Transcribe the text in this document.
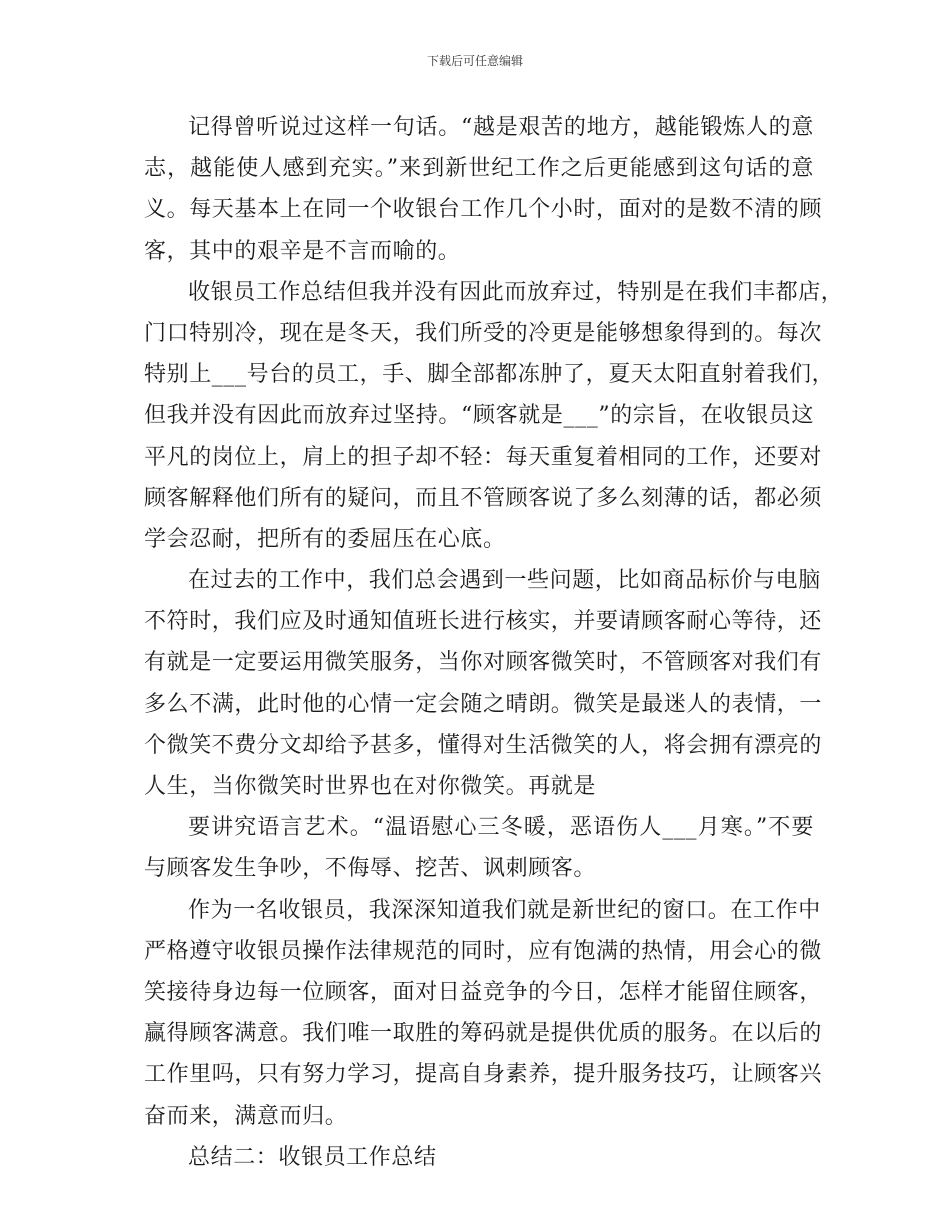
下载后可任意编辑
记得曾听说过这样一句话。“越是艰苦的地方，越能锻炼人的意
志，越能使人感到充实。”来到新世纪工作之后更能感到这句话的意
义。每天基本上在同一个收银台工作几个小时，面对的是数不清的顾
客，其中的艰辛是不言而喻的。
收银员工作总结但我并没有因此而放弃过，特别是在我们丰都店，
门口特别冷，现在是冬天，我们所受的冷更是能够想象得到的。每次
特别上___号台的员工，手、脚全部都冻肿了，夏天太阳直射着我们，
但我并没有因此而放弃过坚持。“顾客就是___”的宗旨，在收银员这
平凡的岗位上，肩上的担子却不轻：每天重复着相同的工作，还要对
顾客解释他们所有的疑问，而且不管顾客说了多么刻薄的话，都必须
学会忍耐，把所有的委屈压在心底。
在过去的工作中，我们总会遇到一些问题，比如商品标价与电脑
不符时，我们应及时通知值班长进行核实，并要请顾客耐心等待，还
有就是一定要运用微笑服务，当你对顾客微笑时，不管顾客对我们有
多么不满，此时他的心情一定会随之晴朗。微笑是最迷人的表情，一
个微笑不费分文却给予甚多，懂得对生活微笑的人，将会拥有漂亮的
人生，当你微笑时世界也在对你微笑。再就是
要讲究语言艺术。“温语慰心三冬暖，恶语伤人___月寒。”不要
与顾客发生争吵，不侮辱、挖苦、讽刺顾客。
作为一名收银员，我深深知道我们就是新世纪的窗口。在工作中
严格遵守收银员操作法律规范的同时，应有饱满的热情，用会心的微
笑接待身边每一位顾客，面对日益竞争的今日，怎样才能留住顾客，
赢得顾客满意。我们唯一取胜的筹码就是提供优质的服务。在以后的
工作里吗，只有努力学习，提高自身素养，提升服务技巧，让顾客兴
奋而来，满意而归。
总结二：收银员工作总结
